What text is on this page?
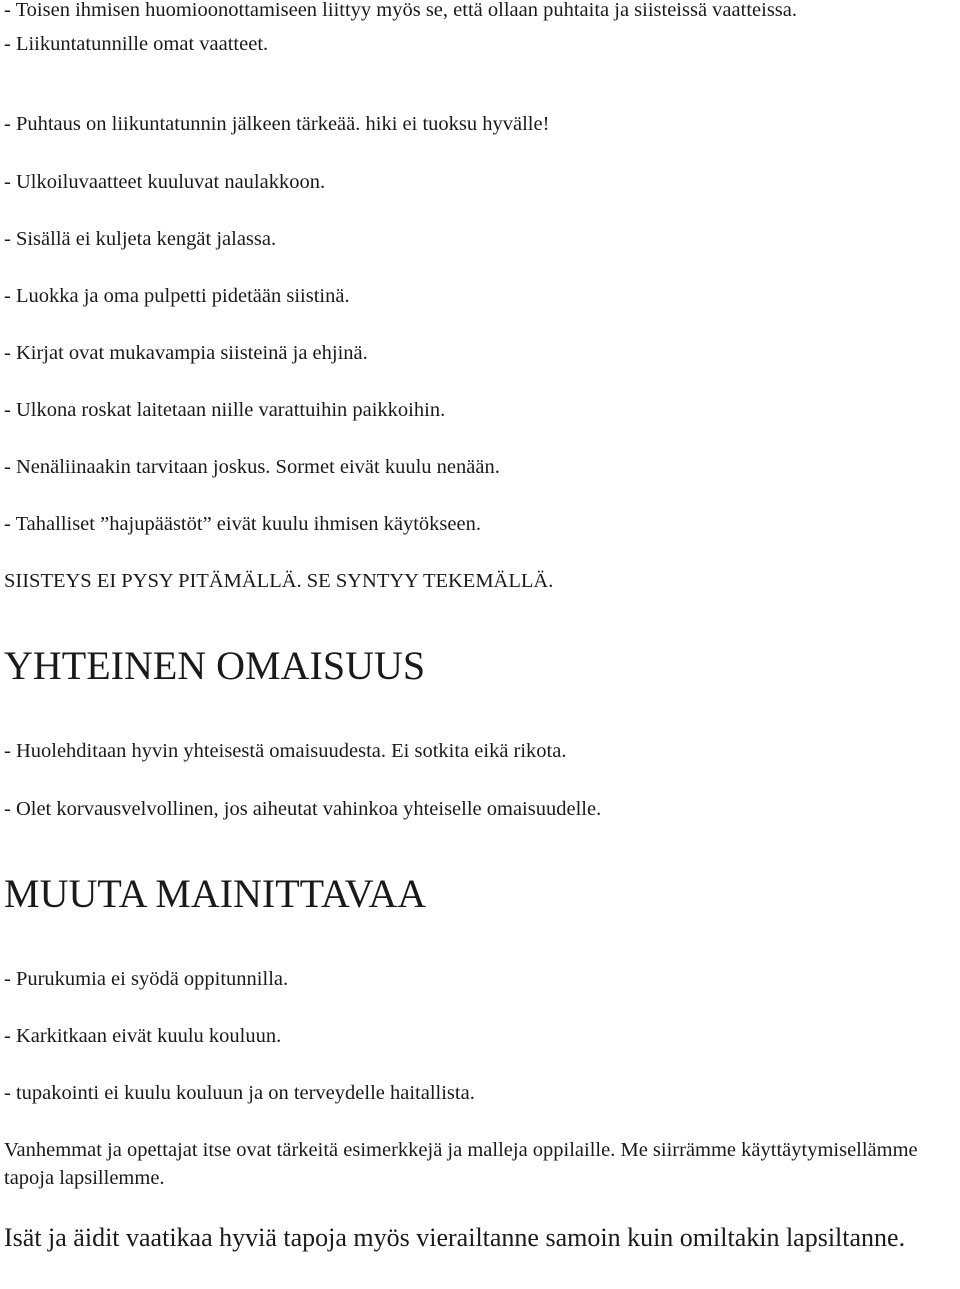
- Toisen ihmisen huomioonottamiseen liittyy myös se, että ollaan puhtaita ja siisteissä vaatteissa.

- Liikuntatunnille omat vaatteet.

- Puhtaus on liikuntatunnin jälkeen tärkeää. hiki ei tuoksu hyvälle!

- Ulkoiluvaatteet kuuluvat naulakkoon.

- Sisällä ei kuljeta kengät jalassa.

- Luokka ja oma pulpetti pidetään siistinä.

- Kirjat ovat mukavampia siisteinä ja ehjinä.

- Ulkona roskat laitetaan niille varattuihin paikkoihin.

- Nenäliinaakin tarvitaan joskus. Sormet eivät kuulu nenään.

- Tahalliset ”hajupäästöt” eivät kuulu ihmisen käytökseen.

SIISTEYS EI PYSY PITÄMÄLLÄ. SE SYNTYY TEKEMÄLLÄ.

YHTEINEN OMAISUUS

- Huolehditaan hyvin yhteisestä omaisuudesta. Ei sotkita eikä rikota.

- Olet korvausvelvollinen, jos aiheutat vahinkoa yhteiselle omaisuudelle.

MUUTA MAINITTAVAA

- Purukumia ei syödä oppitunnilla.

- Karkitkaan eivät kuulu kouluun.

- tupakointi ei kuulu kouluun ja on terveydelle haitallista.

Vanhemmat ja opettajat itse ovat tärkeitä esimerkkejä ja malleja oppilaille. Me siirrämme käyttäytymisellämme tapoja lapsillemme.

Isät ja äidit vaatikaa hyviä tapoja myös vierailtanne samoin kuin omiltakin lapsiltanne.
